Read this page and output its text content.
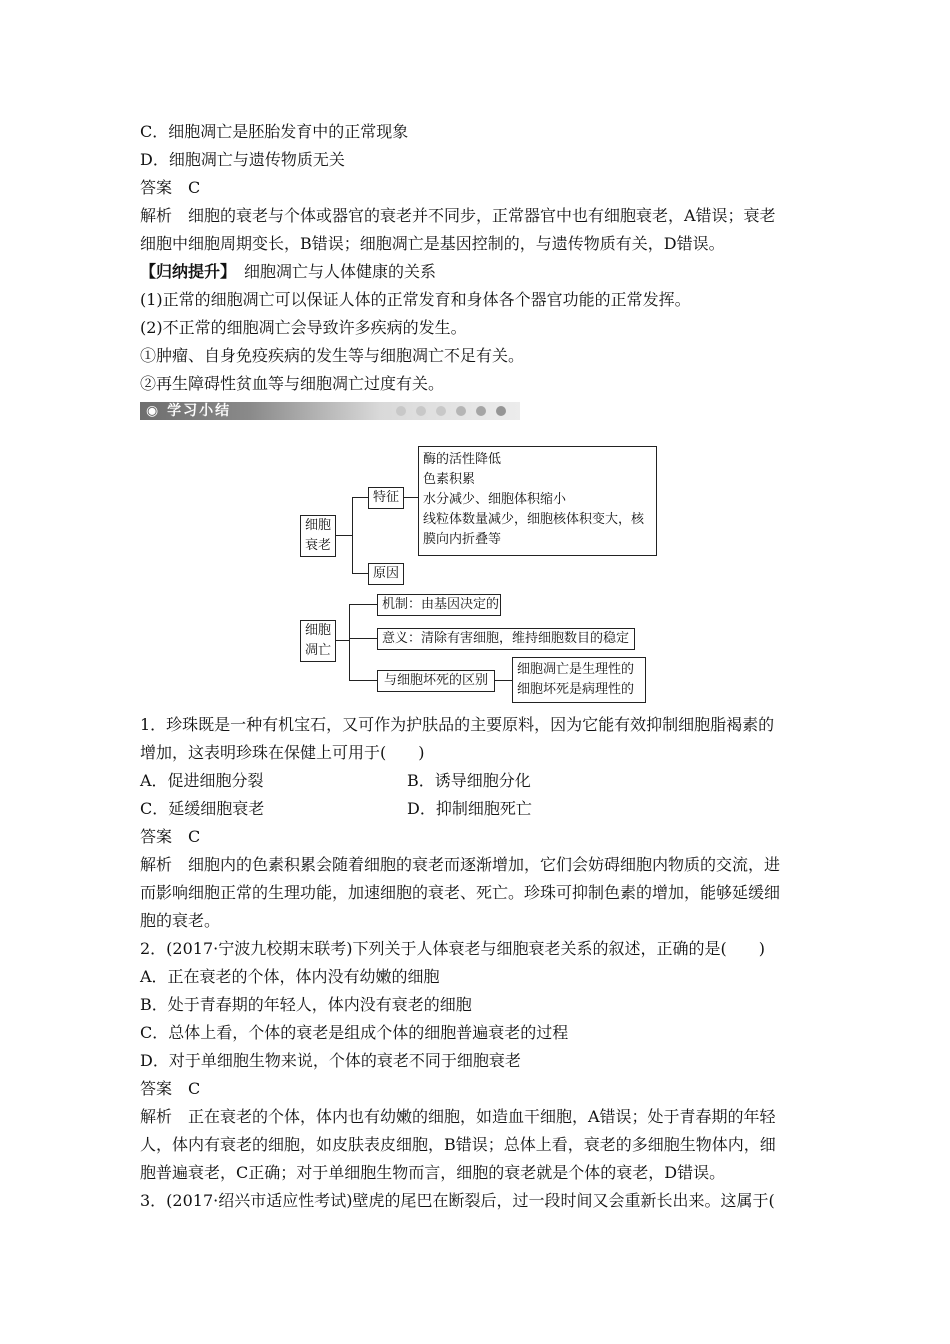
C．细胞凋亡是胚胎发育中的正常现象
D．细胞凋亡与遗传物质无关
答案　C
解析　细胞的衰老与个体或器官的衰老并不同步，正常器官中也有细胞衰老，A错误；衰老
细胞中细胞周期变长，B错误；细胞凋亡是基因控制的，与遗传物质有关，D错误。
【归纳提升】　细胞凋亡与人体健康的关系
(1)正常的细胞凋亡可以保证人体的正常发育和身体各个器官功能的正常发挥。
(2)不正常的细胞凋亡会导致许多疾病的发生。
①肿瘤、自身免疫疾病的发生等与细胞凋亡不足有关。
②再生障碍性贫血等与细胞凋亡过度有关。
◉ 学习小结
细胞
衰老
特征
原因
酶的活性降低
色素积累
水分减少、细胞体积缩小
线粒体数量减少，细胞核体积变大，核
膜向内折叠等
细胞
凋亡
机制：由基因决定的
意义：清除有害细胞，维持细胞数目的稳定
与细胞坏死的区别
细胞凋亡是生理性的
细胞坏死是病理性的
1．珍珠既是一种有机宝石，又可作为护肤品的主要原料，因为它能有效抑制细胞脂褐素的
增加，这表明珍珠在保健上可用于(　　)
A．促进细胞分裂	B．诱导细胞分化
C．延缓细胞衰老	D．抑制细胞死亡
答案　C
解析　细胞内的色素积累会随着细胞的衰老而逐渐增加，它们会妨碍细胞内物质的交流，进
而影响细胞正常的生理功能，加速细胞的衰老、死亡。珍珠可抑制色素的增加，能够延缓细
胞的衰老。
2．(2017·宁波九校期末联考)下列关于人体衰老与细胞衰老关系的叙述，正确的是(　　)
A．正在衰老的个体，体内没有幼嫩的细胞
B．处于青春期的年轻人，体内没有衰老的细胞
C．总体上看，个体的衰老是组成个体的细胞普遍衰老的过程
D．对于单细胞生物来说，个体的衰老不同于细胞衰老
答案　C
解析　正在衰老的个体，体内也有幼嫩的细胞，如造血干细胞，A错误；处于青春期的年轻
人，体内有衰老的细胞，如皮肤表皮细胞，B错误；总体上看，衰老的多细胞生物体内，细
胞普遍衰老，C正确；对于单细胞生物而言，细胞的衰老就是个体的衰老，D错误。
3．(2017·绍兴市适应性考试)壁虎的尾巴在断裂后，过一段时间又会重新长出来。这属于(
